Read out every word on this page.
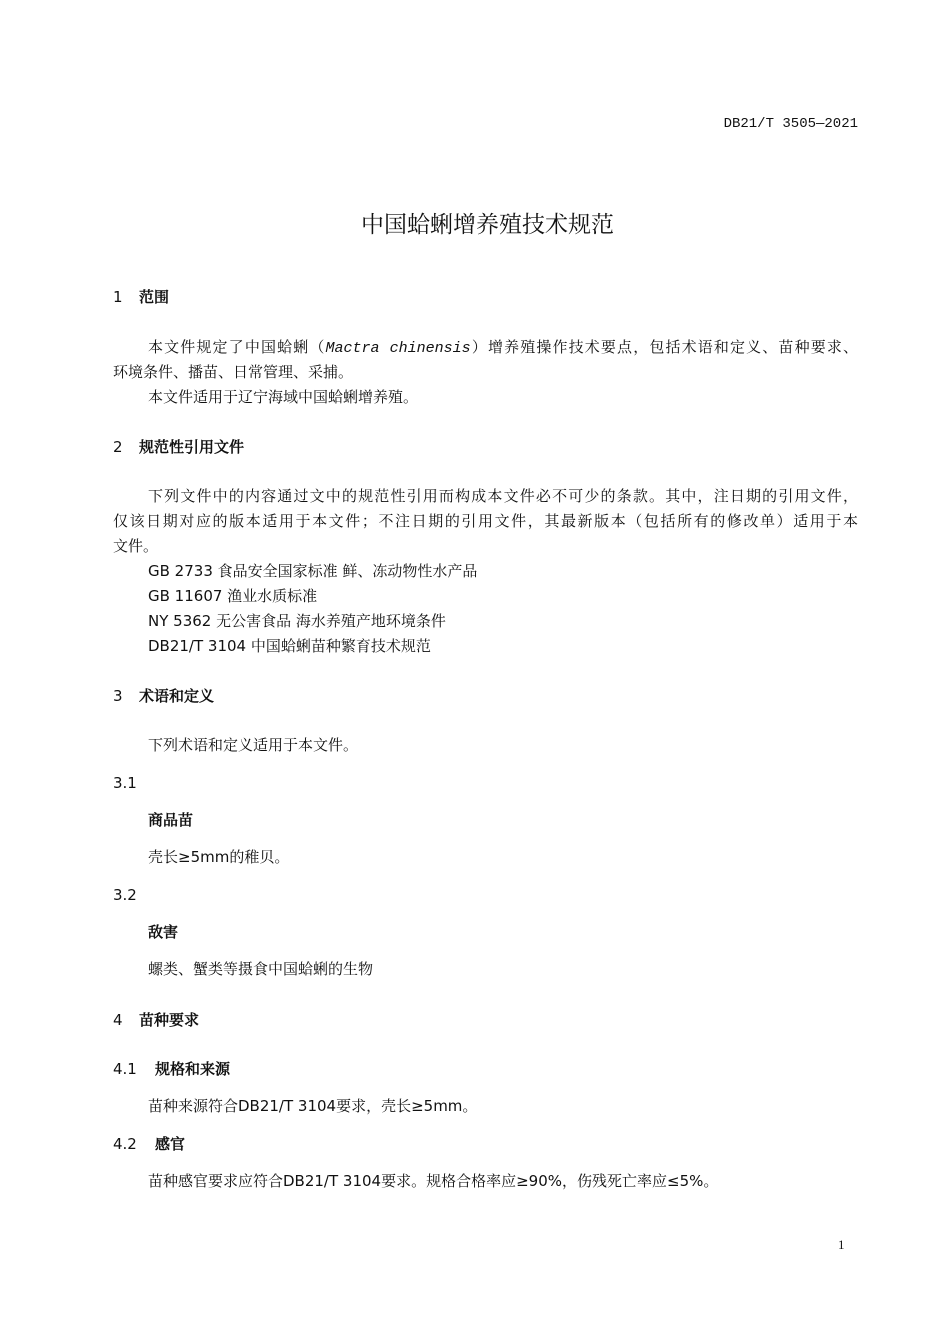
DB21/T 3505—2021
中国蛤蜊增养殖技术规范
1 范围
本文件规定了中国蛤蜊（Mactra chinensis）增养殖操作技术要点，包括术语和定义、苗种要求、
环境条件、播苗、日常管理、采捕。
本文件适用于辽宁海域中国蛤蜊增养殖。
2 规范性引用文件
下列文件中的内容通过文中的规范性引用而构成本文件必不可少的条款。其中，注日期的引用文件，
仅该日期对应的版本适用于本文件；不注日期的引用文件，其最新版本（包括所有的修改单）适用于本
文件。
GB 2733 食品安全国家标准 鲜、冻动物性水产品
GB 11607 渔业水质标准
NY 5362 无公害食品 海水养殖产地环境条件
DB21/T 3104 中国蛤蜊苗种繁育技术规范
3 术语和定义
下列术语和定义适用于本文件。
3.1
商品苗
壳长≥5mm的稚贝。
3.2
敌害
螺类、蟹类等摄食中国蛤蜊的生物
4 苗种要求
4.1 规格和来源
苗种来源符合DB21/T 3104要求，壳长≥5mm。
4.2 感官
苗种感官要求应符合DB21/T 3104要求。规格合格率应≥90%，伤残死亡率应≤5%。
1
